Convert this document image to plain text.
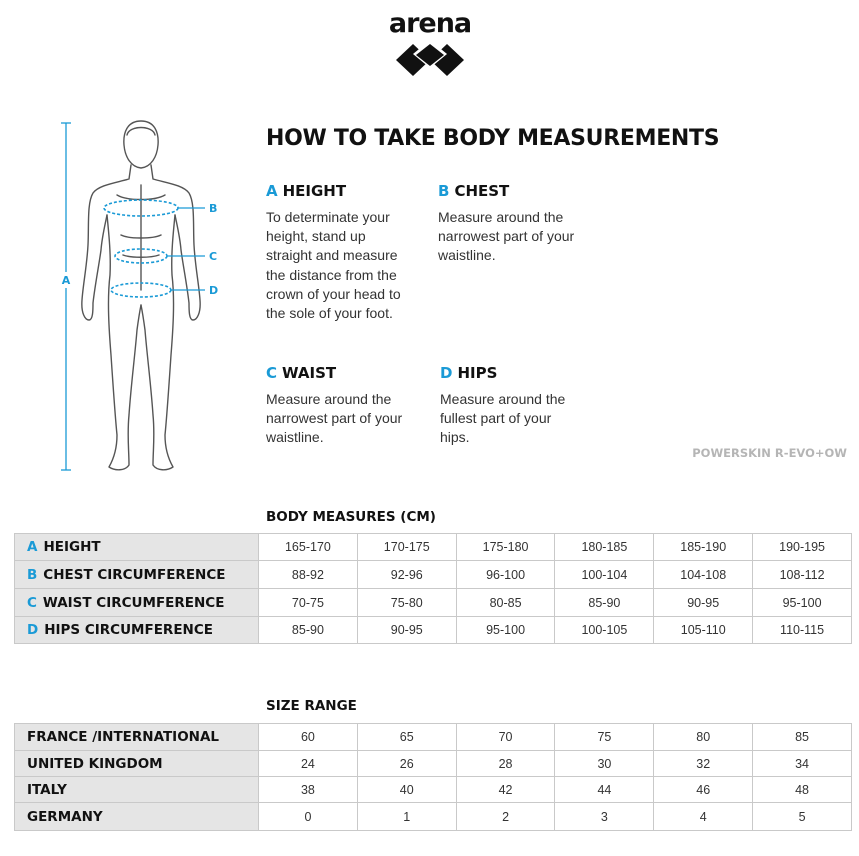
arena
A
B
C
D
HOW TO TAKE BODY MEASUREMENTS
A HEIGHT
To determinate your height, stand up straight and measure the distance from the crown of your head to the sole of your foot.
B CHEST
Measure around the narrowest part of your waistline.
C WAIST
Measure around the narrowest part of your waistline.
D HIPS
Measure around the fullest part of your hips.
POWERSKIN R-EVO+OW
BODY MEASURES (CM)
A HEIGHT	165-170	170-175	175-180	180-185	185-190	190-195
B CHEST CIRCUMFERENCE	88-92	92-96	96-100	100-104	104-108	108-112
C WAIST CIRCUMFERENCE	70-75	75-80	80-85	85-90	90-95	95-100
D HIPS CIRCUMFERENCE	85-90	90-95	95-100	100-105	105-110	110-115
SIZE RANGE
FRANCE /INTERNATIONAL	60	65	70	75	80	85
UNITED KINGDOM	24	26	28	30	32	34
ITALY	38	40	42	44	46	48
GERMANY	0	1	2	3	4	5
